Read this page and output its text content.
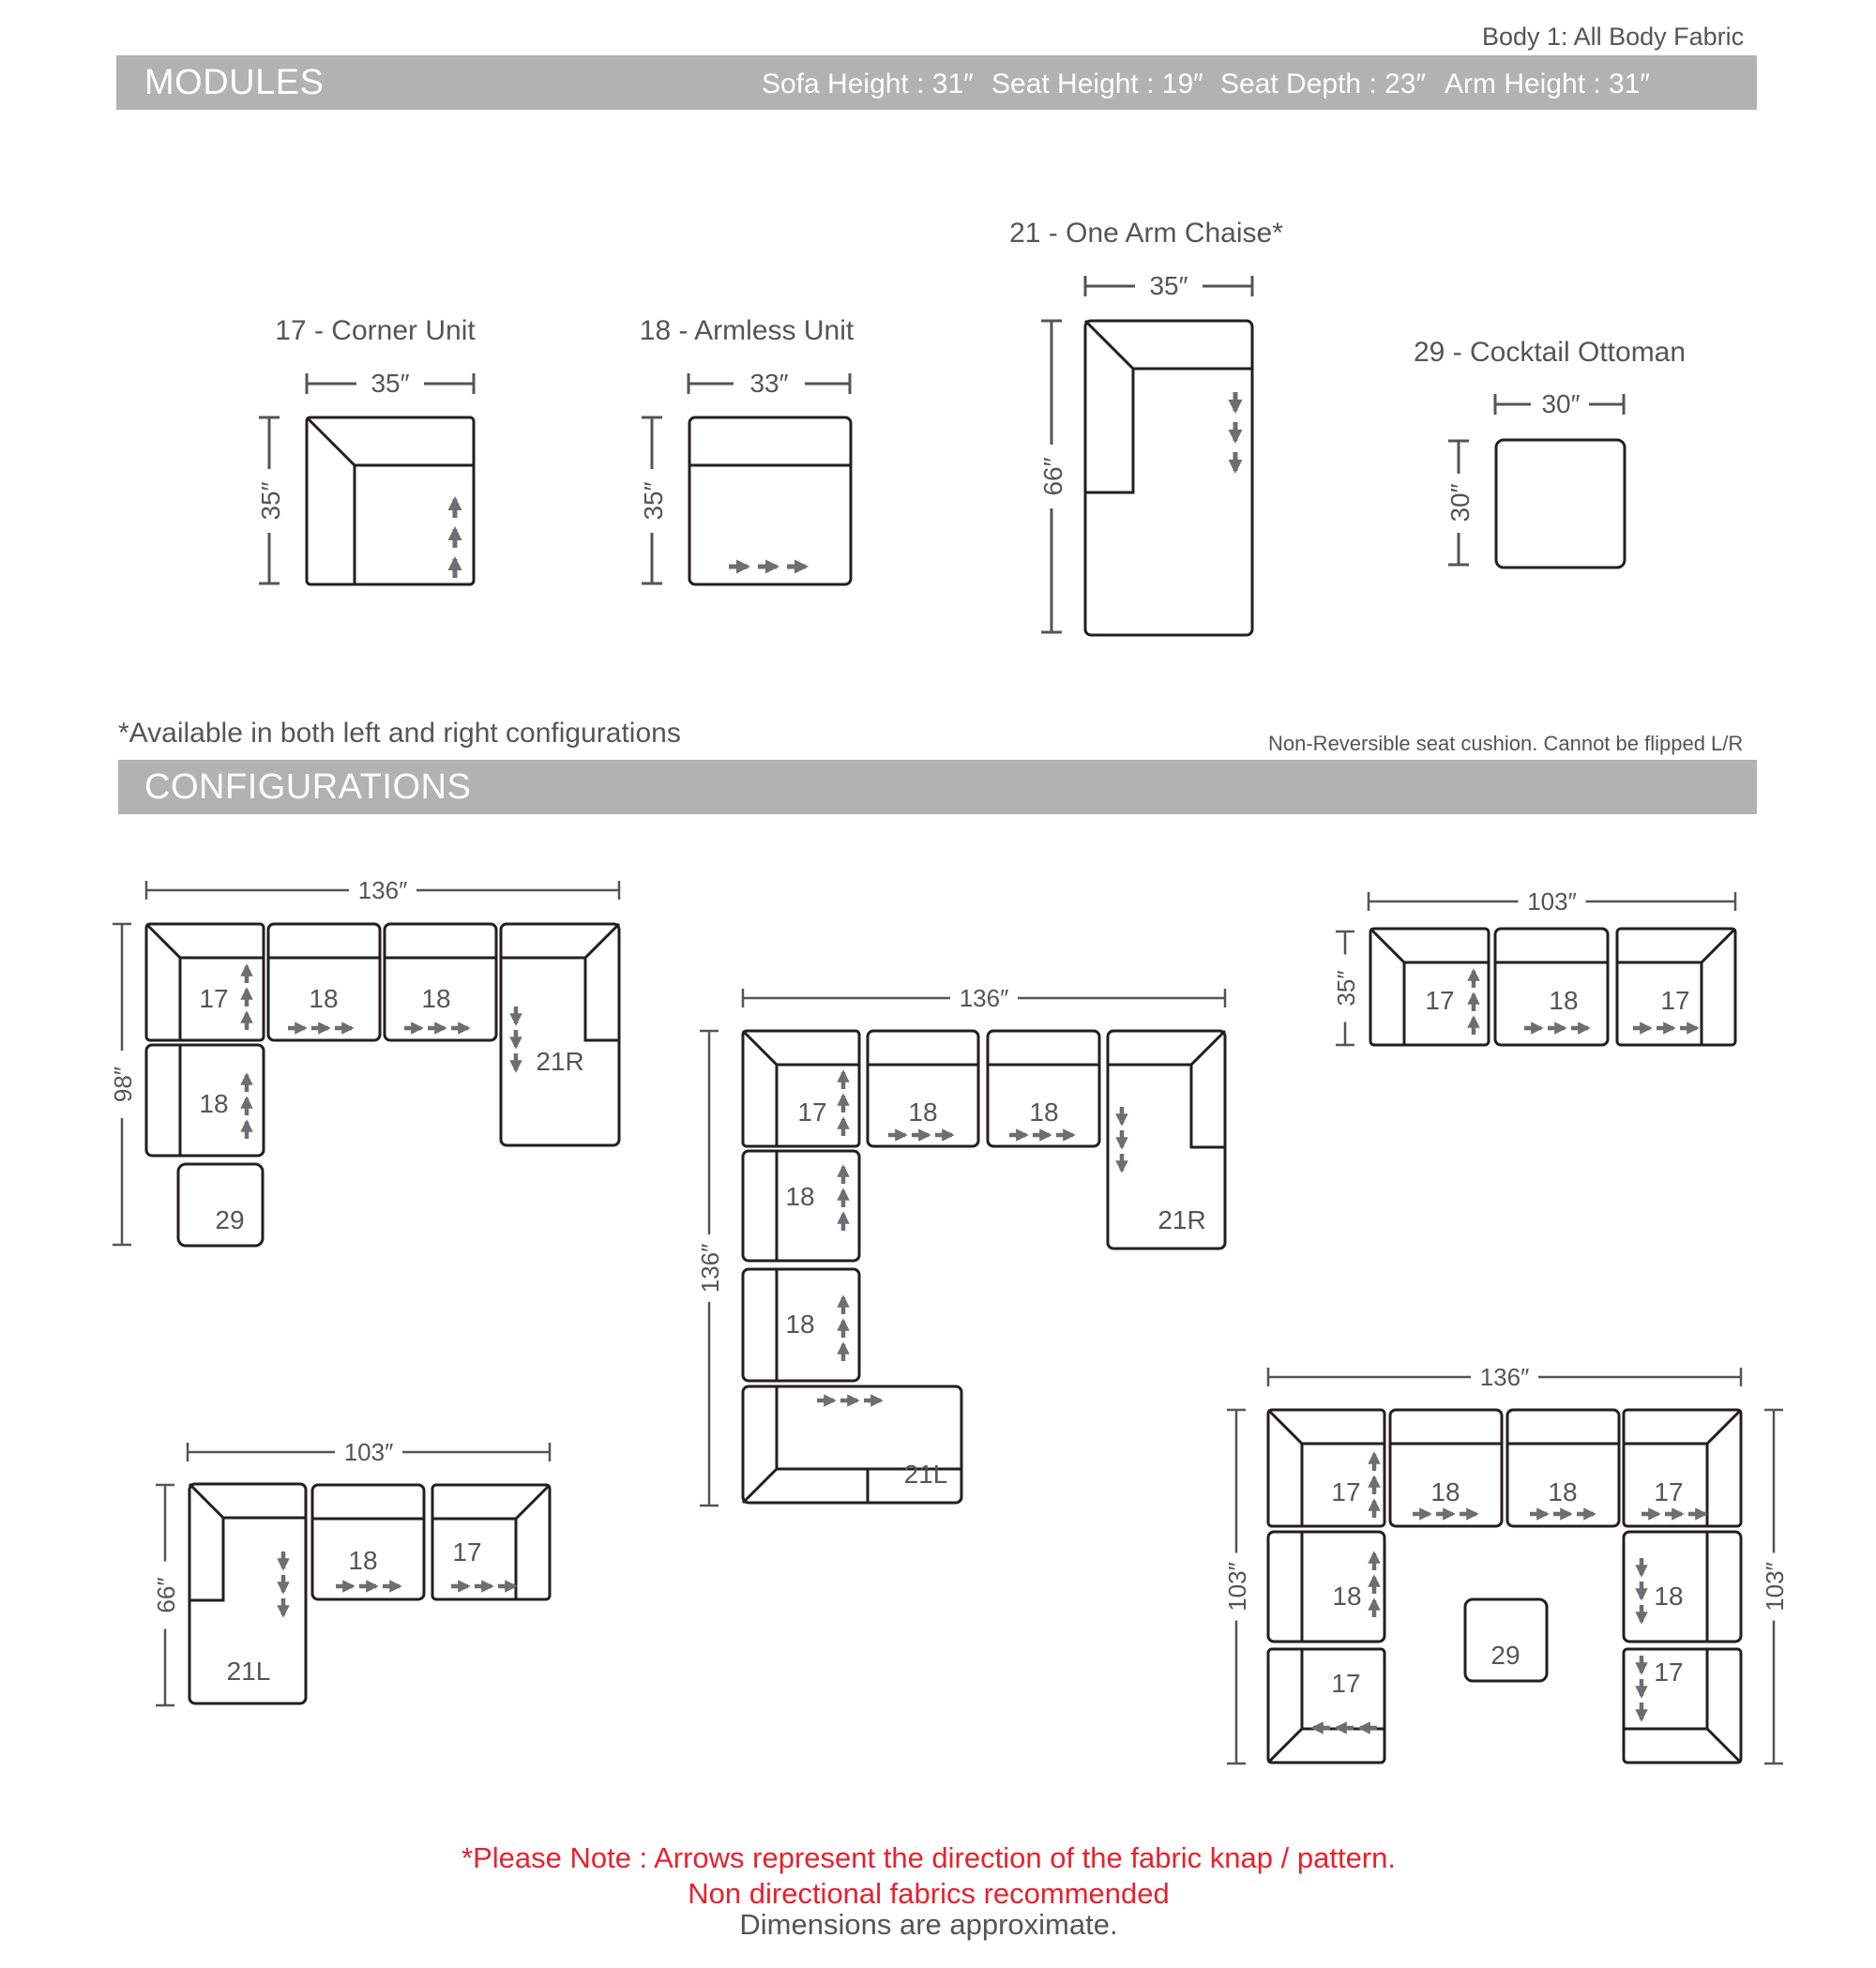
Body 1: All Body Fabric
MODULES	Sofa Height : 31″ Seat Height : 19″ Seat Depth : 23″ Arm Height : 31″
*Available in both left and right configurations	Non-Reversible seat cushion. Cannot be flipped L/R
CONFIGURATIONS
17 - Corner Unit
35″
35″
18 - Armless Unit
33″
35″
21 - One Arm Chaise*
35″
66″
29 - Cocktail Ottoman
30″
30″
136″
98″
17	18	18
21R
18
29
136″
136″
17	18	18
21R
18
18
21L
103″
35″ 17	18	17
103″
66″
21L
18	17
136″
103″	103″
17	18	18	17
18	18
17	17
29
*Please Note : Arrows represent the direction of the fabric knap / pattern.
Non directional fabrics recommended
Dimensions are approximate.
